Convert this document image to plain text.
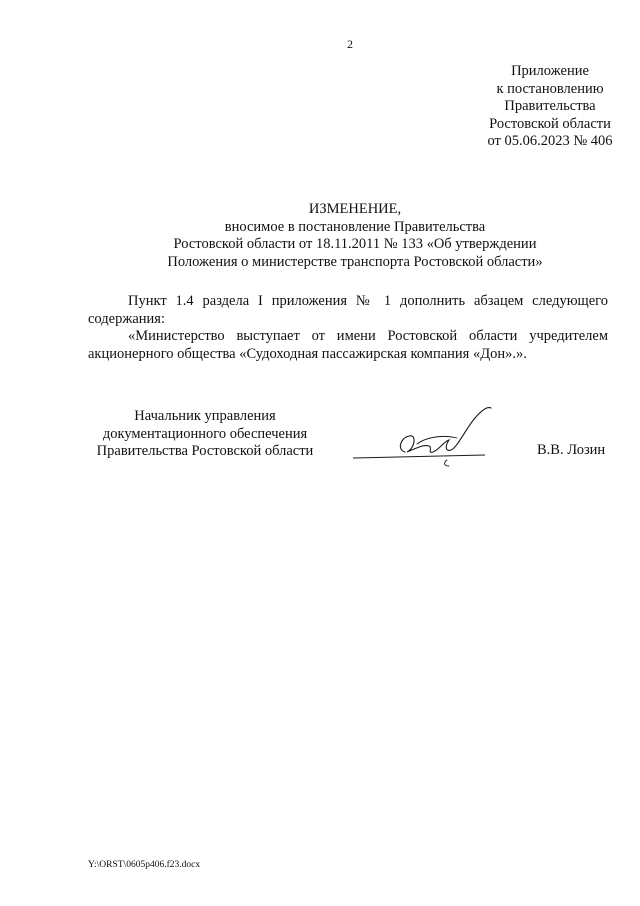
2
Приложение
к постановлению
Правительства
Ростовской области
от 05.06.2023 № 406
ИЗМЕНЕНИЕ,
вносимое в постановление Правительства
Ростовской области от 18.11.2011 № 133 «Об утверждении
Положения о министерстве транспорта Ростовской области»

Пункт 1.4 раздела I приложения № 1 дополнить абзацем следующего содержания:

«Министерство выступает от имени Ростовской области учредителем акционерного общества «Судоходная пассажирская компания «Дон».».

Начальник управления
документационного обеспечения
Правительства Ростовской области	В.В. Лозин
Y:\ORST\0605p406.f23.docx
